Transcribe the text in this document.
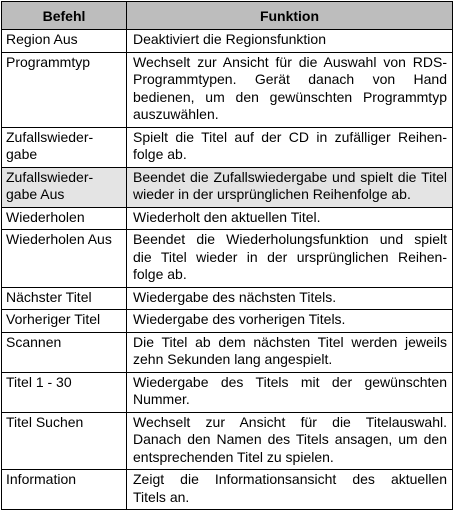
Befehl	Funktion

Region Aus	Deaktiviert die Regionsfunktion

Programmtyp	Wechselt zur Ansicht für die Auswahl von RDS-
Programmtypen. Gerät danach von Hand
bedienen, um den gewünschten Programmtyp
auszuwählen.

Zufallswieder-
gabe	Spielt die Titel auf der CD in zufälliger Reihen-
folge ab.

Zufallswieder-
gabe Aus	Beendet die Zufallswiedergabe und spielt die Titel
wieder in der ursprünglichen Reihenfolge ab.

Wiederholen	Wiederholt den aktuellen Titel.

Wiederholen Aus	Beendet die Wiederholungsfunktion und spielt
die Titel wieder in der ursprünglichen Reihen-
folge ab.

Nächster Titel	Wiedergabe des nächsten Titels.

Vorheriger Titel	Wiedergabe des vorherigen Titels.

Scannen	Die Titel ab dem nächsten Titel werden jeweils
zehn Sekunden lang angespielt.

Titel 1 - 30	Wiedergabe des Titels mit der gewünschten
Nummer.

Titel Suchen	Wechselt zur Ansicht für die Titelauswahl.
Danach den Namen des Titels ansagen, um den
entsprechenden Titel zu spielen.

Information	Zeigt die Informationsansicht des aktuellen
Titels an.
